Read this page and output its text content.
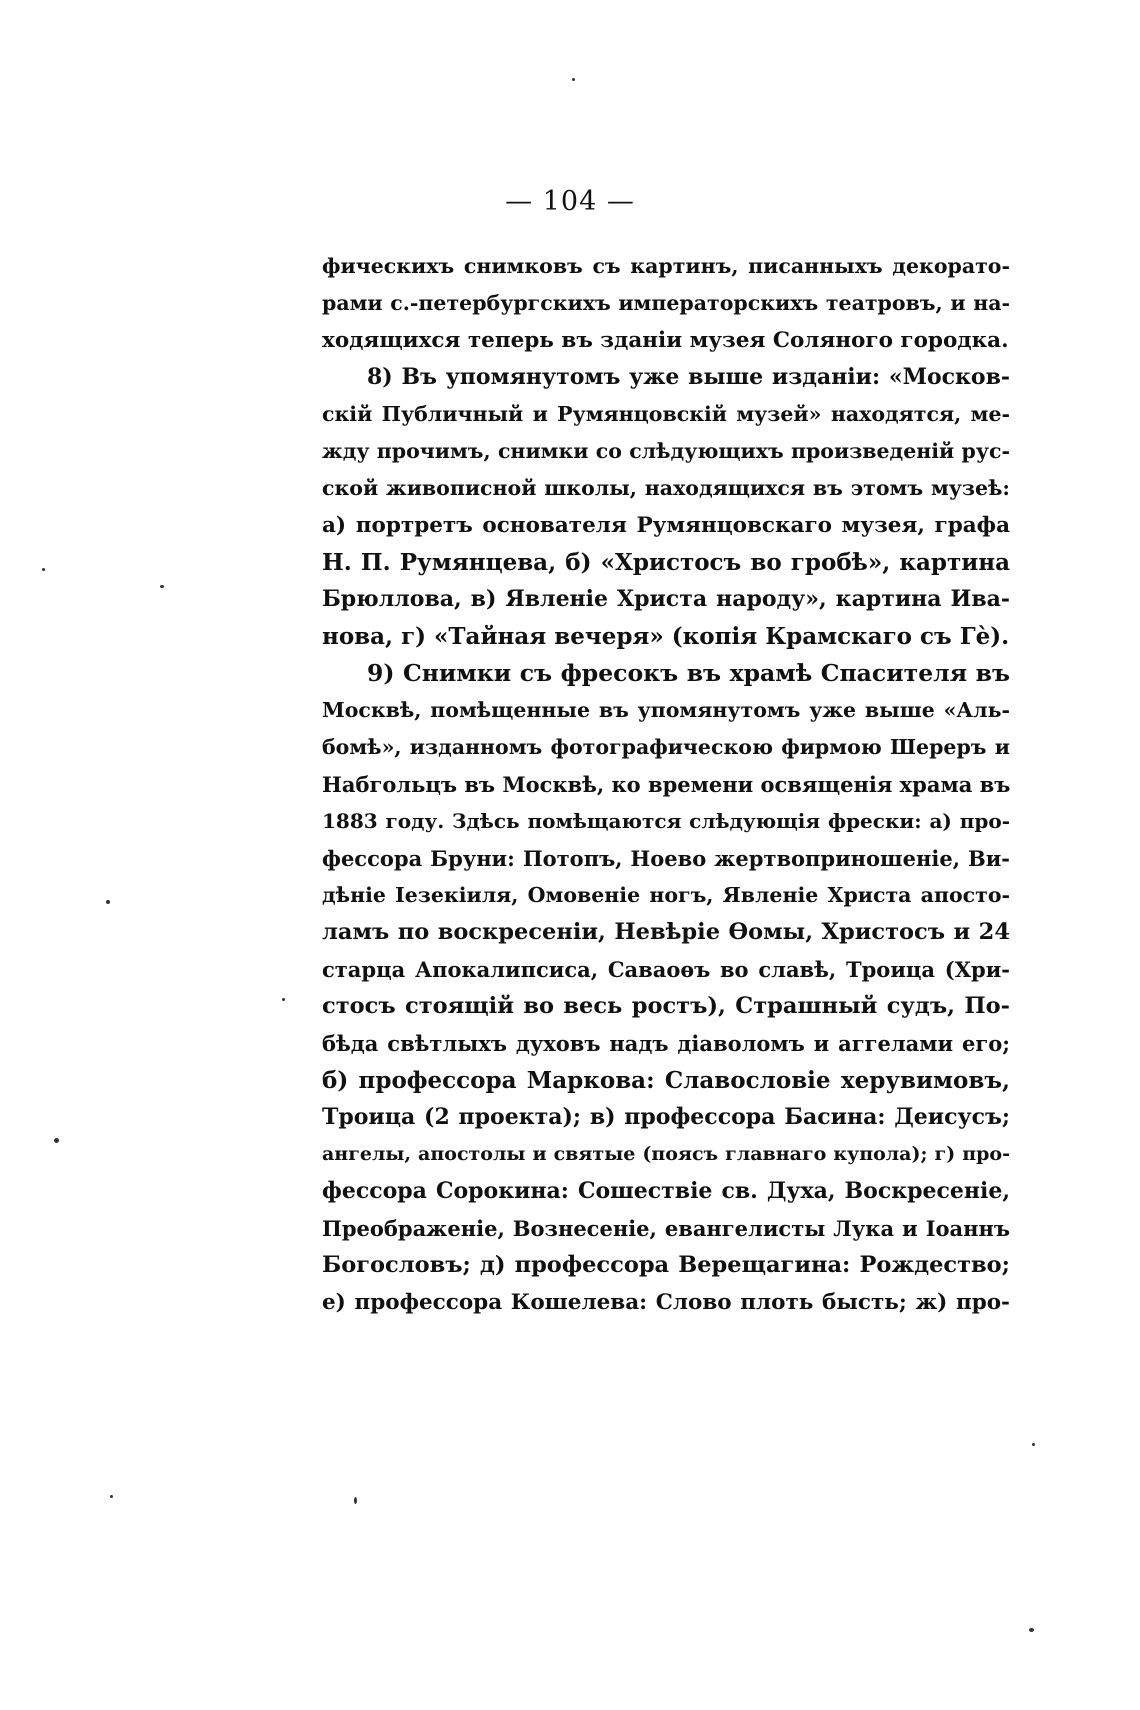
— 104 —
фическихъ снимковъ съ картинъ, писанныхъ декорато-
рами с.-петербургскихъ императорскихъ театровъ, и на-
ходящихся теперь въ зданіи музея Соляного городка.
8) Въ упомянутомъ уже выше изданіи: «Москов-
скій Публичный и Румянцовскій музей» находятся, ме-
жду прочимъ, снимки со слѣдующихъ произведеній рус-
ской живописной школы, находящихся въ этомъ музеѣ:
а) портретъ основателя Румянцовскаго музея, графа
Н. П. Румянцева, б) «Христосъ во гробѣ», картина
Брюллова, в) Явленіе Христа народу», картина Ива-
нова, г) «Тайная вечеря» (копія Крамскаго съ Гè).
9) Снимки съ фресокъ въ храмѣ Спасителя въ
Москвѣ, помѣщенные въ упомянутомъ уже выше «Аль-
бомѣ», изданномъ фотографическою фирмою Шереръ и
Набгольцъ въ Москвѣ, ко времени освященія храма въ
1883 году. Здѣсь помѣщаются слѣдующія фрески: а) про-
фессора Бруни: Потопъ, Ноево жертвоприношеніе, Ви-
дѣніе Іезекіиля, Омовеніе ногъ, Явленіе Христа апосто-
ламъ по воскресеніи, Невѣріе Ѳомы, Христосъ и 24
старца Апокалипсиса, Саваоѳъ во славѣ, Троица (Хри-
стосъ стоящій во весь ростъ), Страшный судъ, По-
бѣда свѣтлыхъ духовъ надъ діаволомъ и аггелами его;
б) профессора Маркова: Славословіе херувимовъ,
Троица (2 проекта); в) профессора Басина: Деисусъ;
ангелы, апостолы и святые (поясъ главнаго купола); г) про-
фессора Сорокина: Сошествіе св. Духа, Воскресеніе,
Преображеніе, Вознесеніе, евангелисты Лука и Іоаннъ
Богословъ; д) профессора Верещагина: Рождество;
е) профессора Кошелева: Слово плоть бысть; ж) про-
